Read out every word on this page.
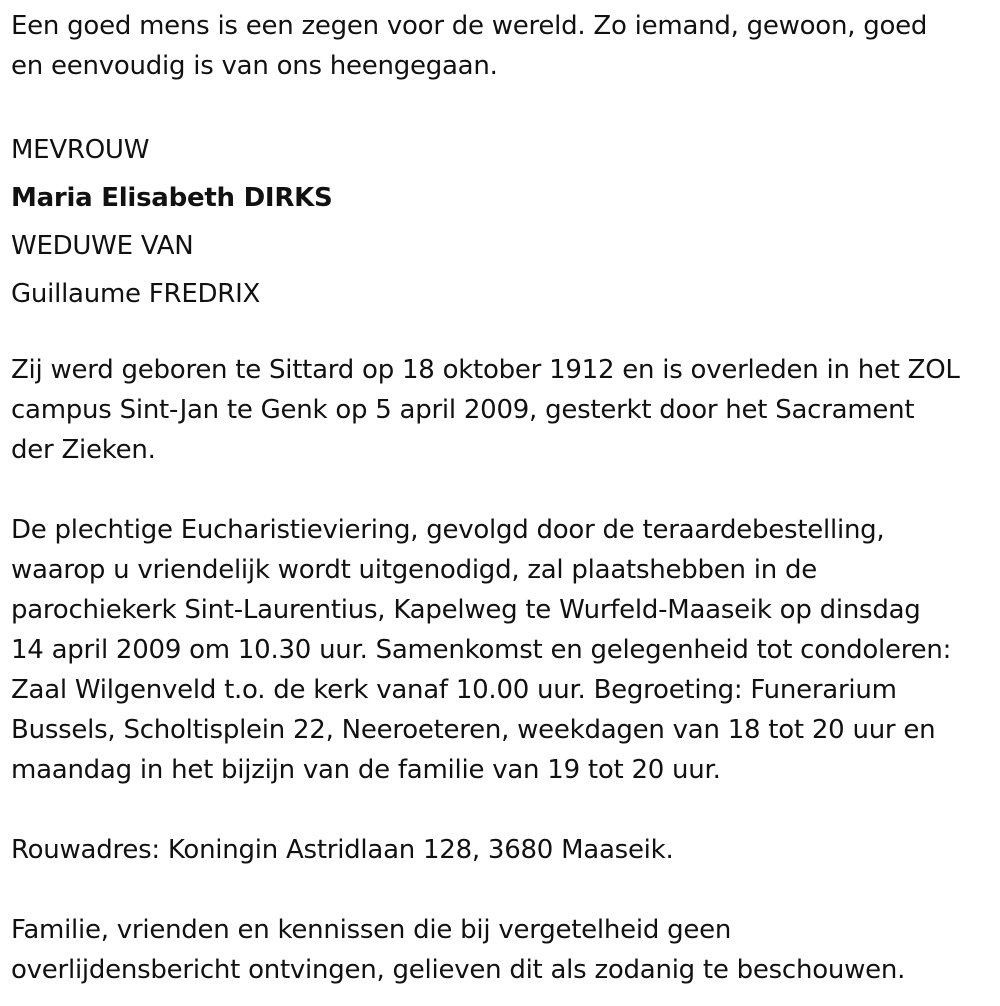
Een goed mens is een zegen voor de wereld. Zo iemand, gewoon, goed

en eenvoudig is van ons heengegaan.

MEVROUW

Maria Elisabeth DIRKS

WEDUWE VAN

Guillaume FREDRIX

Zij werd geboren te Sittard op 18 oktober 1912 en is overleden in het ZOL

campus Sint-Jan te Genk op 5 april 2009, gesterkt door het Sacrament

der Zieken.

De plechtige Eucharistieviering, gevolgd door de teraardebestelling,

waarop u vriendelijk wordt uitgenodigd, zal plaatshebben in de

parochiekerk Sint-Laurentius, Kapelweg te Wurfeld-Maaseik op dinsdag

14 april 2009 om 10.30 uur. Samenkomst en gelegenheid tot condoleren:

Zaal Wilgenveld t.o. de kerk vanaf 10.00 uur. Begroeting: Funerarium

Bussels, Scholtisplein 22, Neeroeteren, weekdagen van 18 tot 20 uur en

maandag in het bijzijn van de familie van 19 tot 20 uur.

Rouwadres: Koningin Astridlaan 128, 3680 Maaseik.

Familie, vrienden en kennissen die bij vergetelheid geen

overlijdensbericht ontvingen, gelieven dit als zodanig te beschouwen.
